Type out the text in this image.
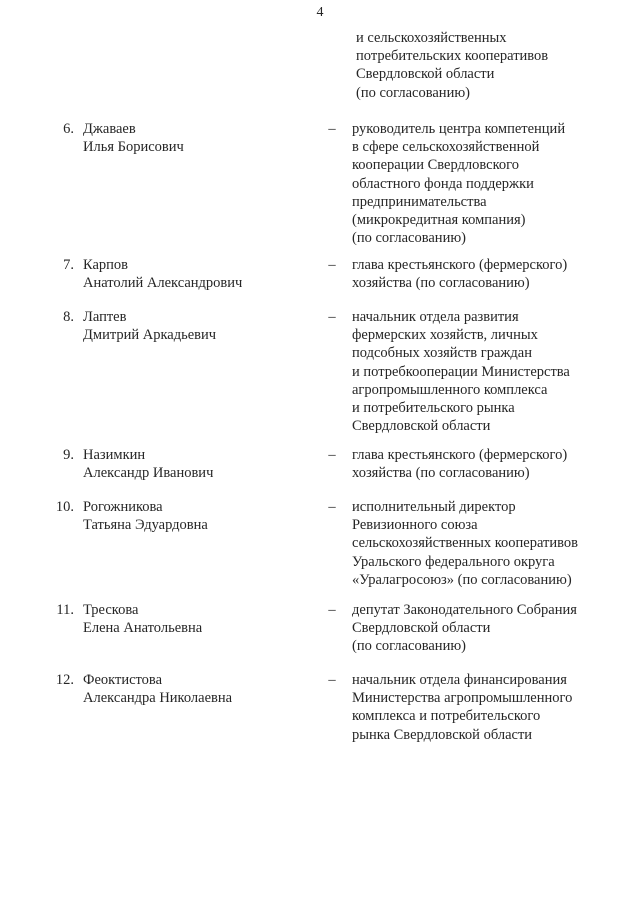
4
и сельскохозяйственных
потребительских кооперативов
Свердловской области
(по согласованию)
6. Джаваев
Илья Борисович
– руководитель центра компетенций
в сфере сельскохозяйственной
кооперации Свердловского
областного фонда поддержки
предпринимательства
(микрокредитная компания)
(по согласованию)
7. Карпов
Анатолий Александрович
– глава крестьянского (фермерского)
хозяйства (по согласованию)
8. Лаптев
Дмитрий Аркадьевич
– начальник отдела развития
фермерских хозяйств, личных
подсобных хозяйств граждан
и потребкооперации Министерства
агропромышленного комплекса
и потребительского рынка
Свердловской области
9. Назимкин
Александр Иванович
– глава крестьянского (фермерского)
хозяйства (по согласованию)
10. Рогожникова
Татьяна Эдуардовна
– исполнительный директор
Ревизионного союза
сельскохозяйственных кооперативов
Уральского федерального округа
«Уралагросоюз» (по согласованию)
11. Трескова
Елена Анатольевна
– депутат Законодательного Собрания
Свердловской области
(по согласованию)
12. Феоктистова
Александра Николаевна
– начальник отдела финансирования
Министерства агропромышленного
комплекса и потребительского
рынка Свердловской области
